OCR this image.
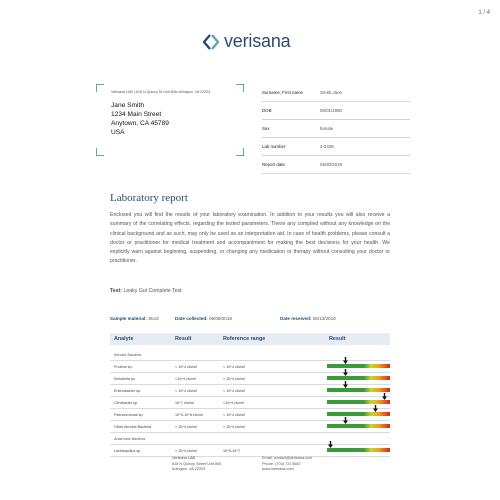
1 / 4
verisana
Verisana LAB • 818 N Quincy St Unit 806• Arlington, VA 22203
Jane Smith
1234 Main Street
Anytown, CA 45789
USA
Surname, First name	Smith,Jane
DOB	05/01/1980
Sex	female
Lab number	2-2436
Report date	06/30/2019
Laboratory report
Enclosed you will find the results of your laboratory examination. In addition to your results you will also receive a summary of the correlating effects, regarding the tested parameters. These any compiled without any knowledge on the clinical background and as such, may only be used as an interpretation aid. In case of health problems, please consult a doctor or practitioner for medical treatment and accompaniment for making the best decisions for your health. We explicitly warn against beginning, suspending, or changing any medication or therapy without consulting your doctor or practitioner.
Test: Leaky Gut Complete Test
Sample material: Stool	Date collected: 06/09/2019	Date received: 06/13/2019
Analyte	Result	Reference range	Result
Aerobic Bacteria
Proteus sp.	< 10^4 cfu/ml	< 10^4 cfu/ml
Klebsiella sp.	<10^4 cfu/ml	< 10^4 cfu/ml
Enterobacter sp.	< 10^4 cfu/ml	< 10^4 cfu/ml
Citrobacter sp.	10^7 cfu/ml	<10^4 cfu/ml
Pseudomonas sp.	10^5-10^6 cfu/ml	< 10^4 cfu/ml
Other Aerobic Bacteria	< 10^4 cfu/ml	< 10^4 cfu/ml
Anaerobic Bacteria
Lactobacillus sp.	< 10^4 cfu/ml	10^5-10^7
Verisana LAB
818 N Quincy Street Unit 806
Arlington, VA 22203
Email: contact@verisana.com
Phone: (703) 722 8667
www.verisana.com
